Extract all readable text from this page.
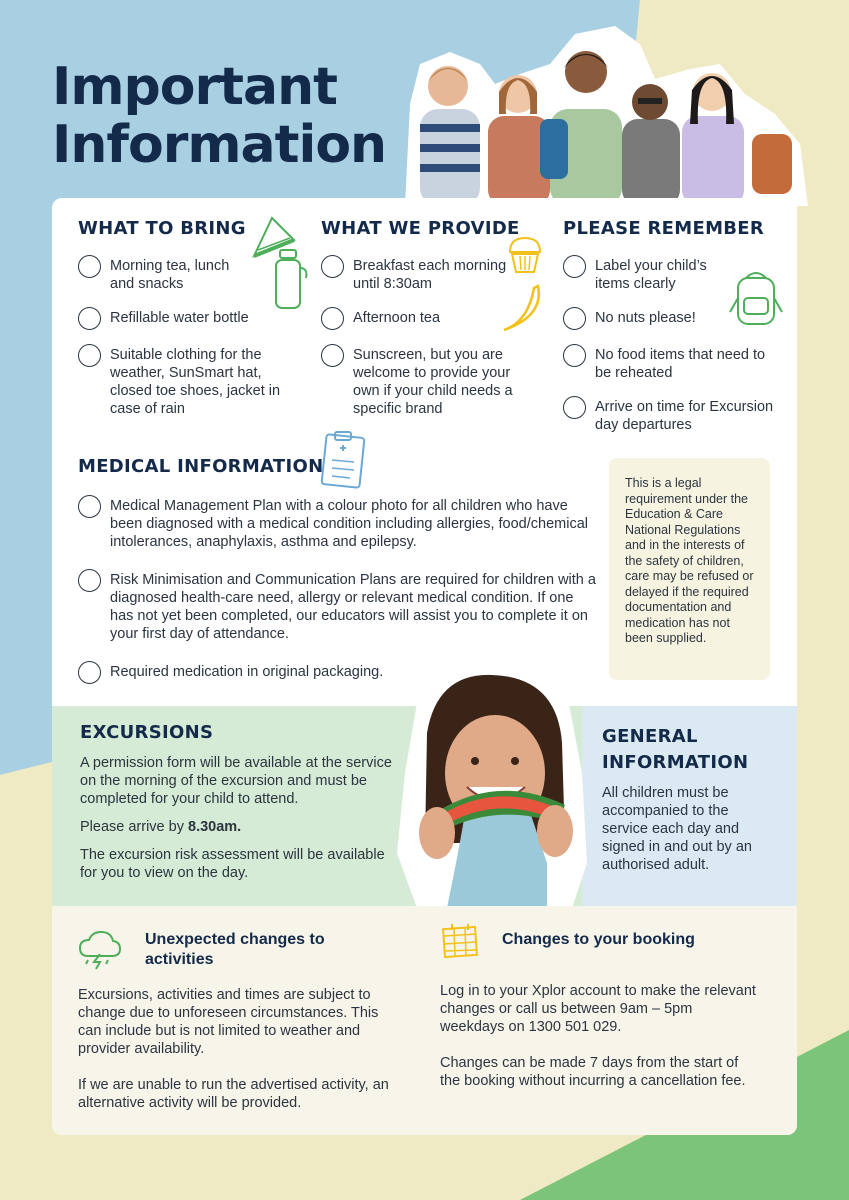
Important
Information
WHAT TO BRING
Morning tea, lunch and snacks
Refillable water bottle
Suitable clothing for the weather, SunSmart hat, closed toe shoes, jacket in case of rain
WHAT WE PROVIDE
Breakfast each morning until 8:30am
Afternoon tea
Sunscreen, but you are welcome to provide your own if your child needs a specific brand
PLEASE REMEMBER
Label your child’s items clearly
No nuts please!
No food items that need to be reheated
Arrive on time for Excursion day departures
MEDICAL INFORMATION
Medical Management Plan with a colour photo for all children who have been diagnosed with a medical condition including allergies, food/chemical intolerances, anaphylaxis, asthma and epilepsy.
Risk Minimisation and Communication Plans are required for children with a diagnosed health-care need, allergy or relevant medical condition. If one has not yet been completed, our educators will assist you to complete it on your first day of attendance.
Required medication in original packaging.
This is a legal requirement under the Education & Care National Regulations and in the interests of the safety of children, care may be refused or delayed if the required documentation and medication has not been supplied.
EXCURSIONS

A permission form will be available at the service on the morning of the excursion and must be completed for your child to attend.

Please arrive by 8.30am.

The excursion risk assessment will be available for you to view on the day.

GENERAL INFORMATION
All children must be accompanied to the service each day and signed in and out by an authorised adult.
Unexpected changes to activities

Excursions, activities and times are subject to change due to unforeseen circumstances. This can include but is not limited to weather and provider availability.

If we are unable to run the advertised activity, an alternative activity will be provided.

Changes to your booking

Log in to your Xplor account to make the relevant changes or call us between 9am – 5pm weekdays on 1300 501 029.

Changes can be made 7 days from the start of the booking without incurring a cancellation fee.
